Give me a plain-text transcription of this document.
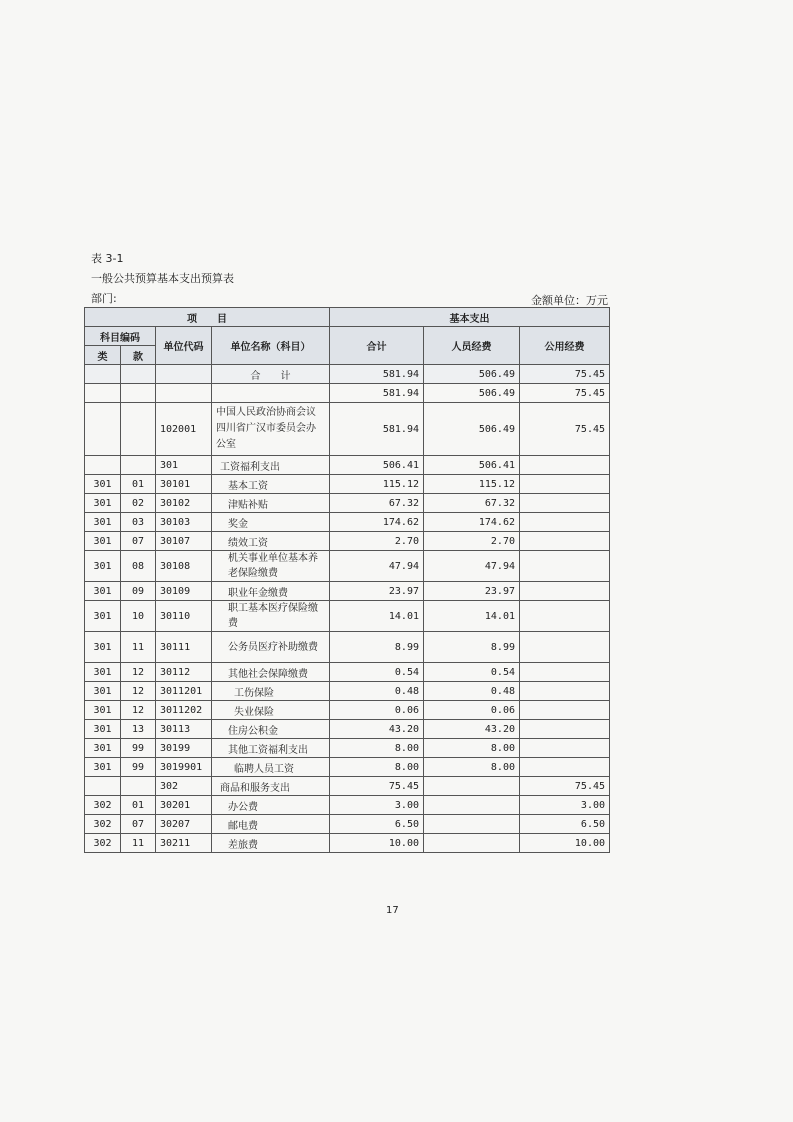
表 3-1
一般公共预算基本支出预算表
部门:	金额单位：万元
项　　目				基本支出		
科目编码		单位代码	单位名称（科目）	合计	人员经费	公用经费
类	款					
			合　　计	581.94	506.49	75.45
				581.94	506.49	75.45
		102001	中国人民政治协商会议四川省广汉市委员会办公室	581.94	506.49	75.45
		301	工资福利支出	506.41	506.41	
301	01	30101	基本工资	115.12	115.12	
301	02	30102	津贴补贴	67.32	67.32	
301	03	30103	奖金	174.62	174.62	
301	07	30107	绩效工资	2.70	2.70	
301	08	30108	机关事业单位基本养老保险缴费	47.94	47.94	
301	09	30109	职业年金缴费	23.97	23.97	
301	10	30110	职工基本医疗保险缴费	14.01	14.01	
301	11	30111	公务员医疗补助缴费	8.99	8.99	
301	12	30112	其他社会保障缴费	0.54	0.54	
301	12	3011201	工伤保险	0.48	0.48	
301	12	3011202	失业保险	0.06	0.06	
301	13	30113	住房公积金	43.20	43.20	
301	99	30199	其他工资福利支出	8.00	8.00	
301	99	3019901	临聘人员工资	8.00	8.00	
		302	商品和服务支出	75.45		75.45
302	01	30201	办公费	3.00		3.00
302	07	30207	邮电费	6.50		6.50
302	11	30211	差旅费	10.00		10.00
17
